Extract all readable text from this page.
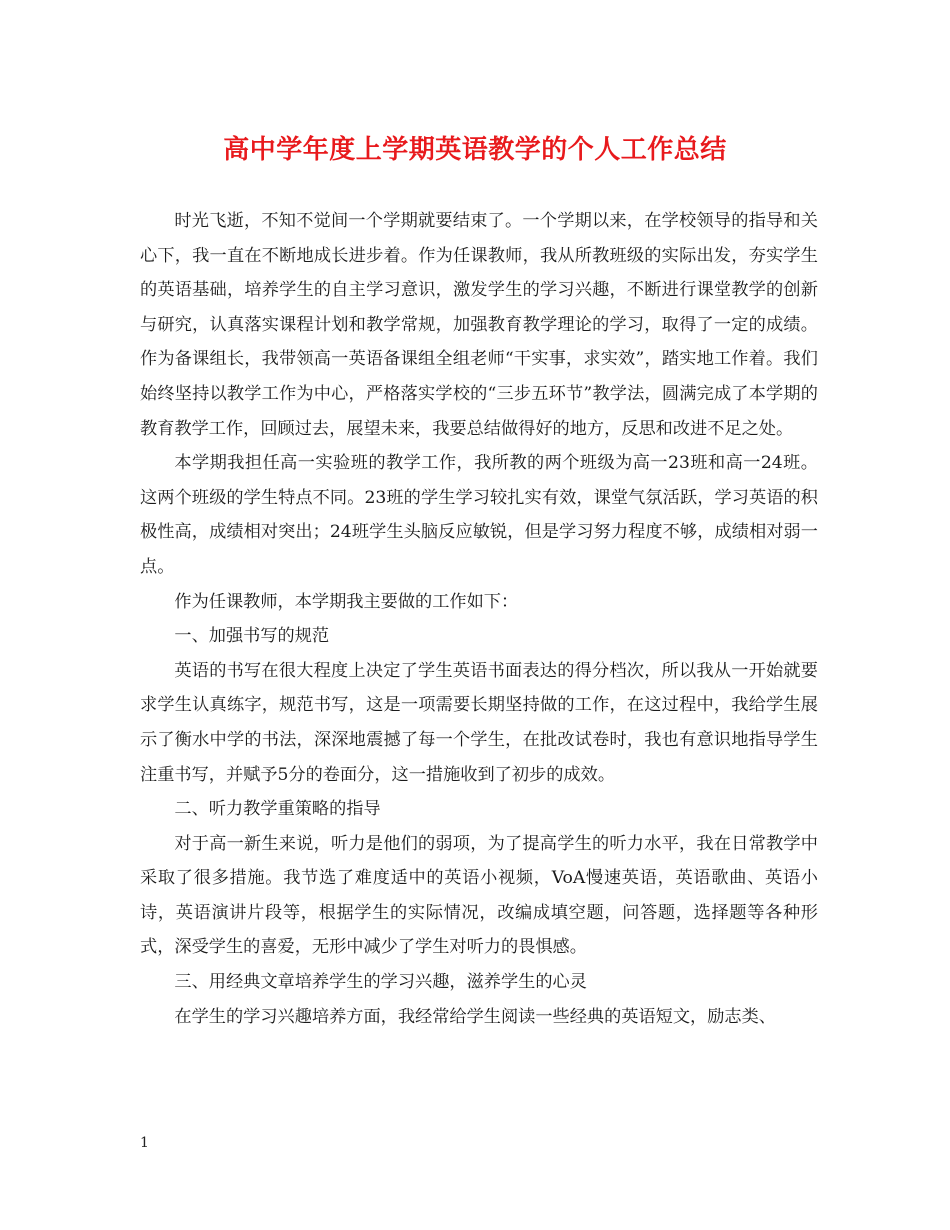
高中学年度上学期英语教学的个人工作总结

时光飞逝，不知不觉间一个学期就要结束了。一个学期以来，在学校领导的指导和关心下，我一直在不断地成长进步着。作为任课教师，我从所教班级的实际出发，夯实学生的英语基础，培养学生的自主学习意识，激发学生的学习兴趣，不断进行课堂教学的创新与研究，认真落实课程计划和教学常规，加强教育教学理论的学习，取得了一定的成绩。作为备课组长，我带领高一英语备课组全组老师“干实事，求实效”，踏实地工作着。我们始终坚持以教学工作为中心，严格落实学校的“三步五环节”教学法，圆满完成了本学期的教育教学工作，回顾过去，展望未来，我要总结做得好的地方，反思和改进不足之处。

本学期我担任高一实验班的教学工作，我所教的两个班级为高一23班和高一24班。这两个班级的学生特点不同。23班的学生学习较扎实有效，课堂气氛活跃，学习英语的积极性高，成绩相对突出；24班学生头脑反应敏锐，但是学习努力程度不够，成绩相对弱一点。

作为任课教师，本学期我主要做的工作如下：

一、加强书写的规范

英语的书写在很大程度上决定了学生英语书面表达的得分档次，所以我从一开始就要求学生认真练字，规范书写，这是一项需要长期坚持做的工作，在这过程中，我给学生展示了衡水中学的书法，深深地震撼了每一个学生，在批改试卷时，我也有意识地指导学生注重书写，并赋予5分的卷面分，这一措施收到了初步的成效。

二、听力教学重策略的指导

对于高一新生来说，听力是他们的弱项，为了提高学生的听力水平，我在日常教学中采取了很多措施。我节选了难度适中的英语小视频，VoA慢速英语，英语歌曲、英语小诗，英语演讲片段等，根据学生的实际情况，改编成填空题，问答题，选择题等各种形式，深受学生的喜爱，无形中减少了学生对听力的畏惧感。

三、用经典文章培养学生的学习兴趣，滋养学生的心灵

在学生的学习兴趣培养方面，我经常给学生阅读一些经典的英语短文，励志类、

1
